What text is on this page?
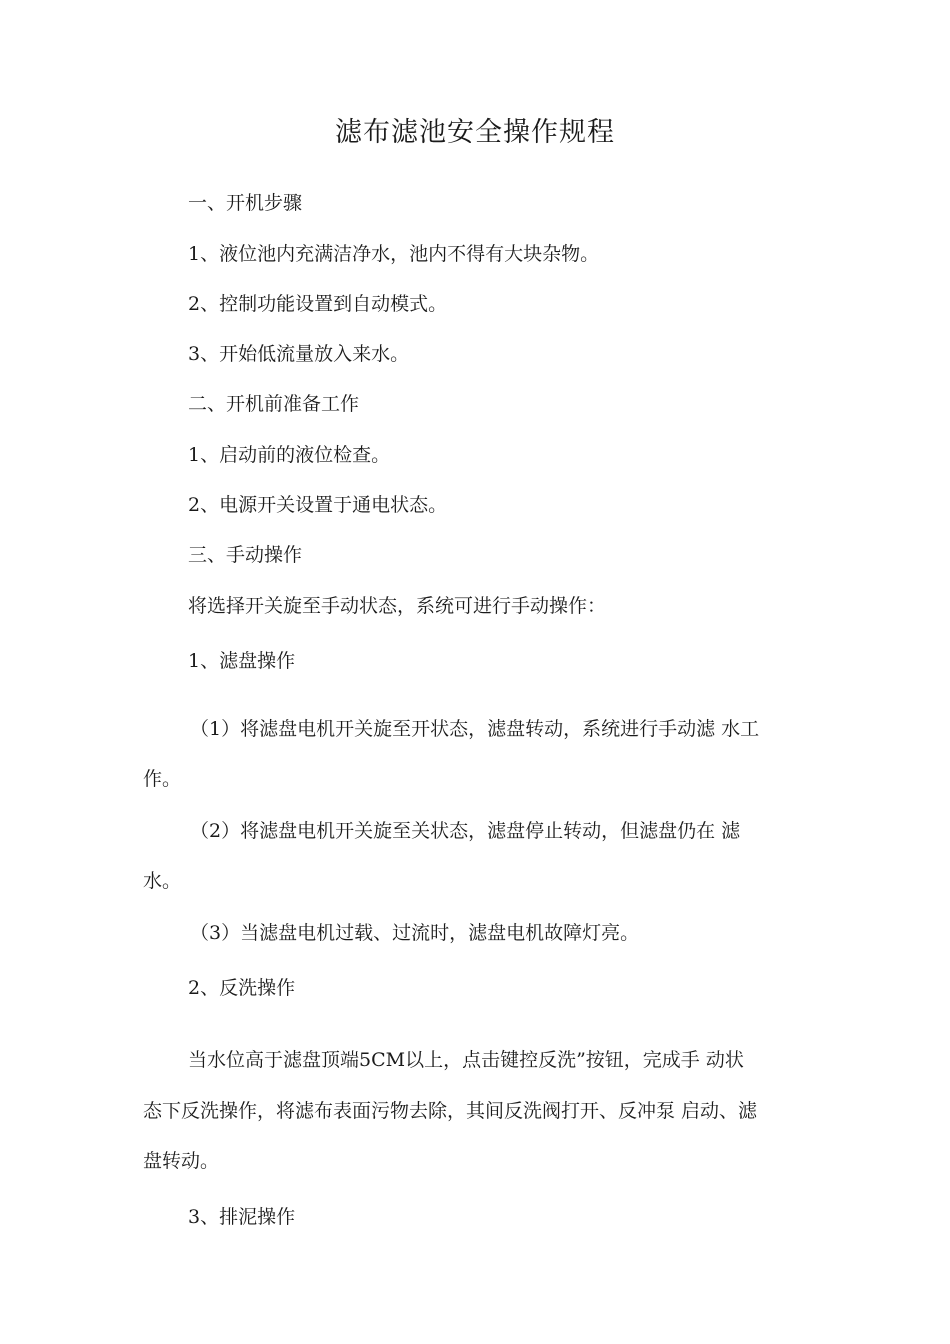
滤布滤池安全操作规程

一、开机步骤

1、液位池内充满洁净水，池内不得有大块杂物。

2、控制功能设置到自动模式。

3、开始低流量放入来水。

二、开机前准备工作

1、启动前的液位检查。

2、电源开关设置于通电状态。

三、手动操作

将选择开关旋至手动状态，系统可进行手动操作：

1、滤盘操作

（1）将滤盘电机开关旋至开状态，滤盘转动，系统进行手动滤 水工

作。

（2）将滤盘电机开关旋至关状态，滤盘停止转动，但滤盘仍在 滤

水。

（3）当滤盘电机过载、过流时，滤盘电机故障灯亮。

2、反洗操作

当水位高于滤盘顶端5CM以上，点击键控反洗”按钮，完成手 动状

态下反洗操作，将滤布表面污物去除，其间反洗阀打开、反冲泵 启动、滤

盘转动。

3、排泥操作
